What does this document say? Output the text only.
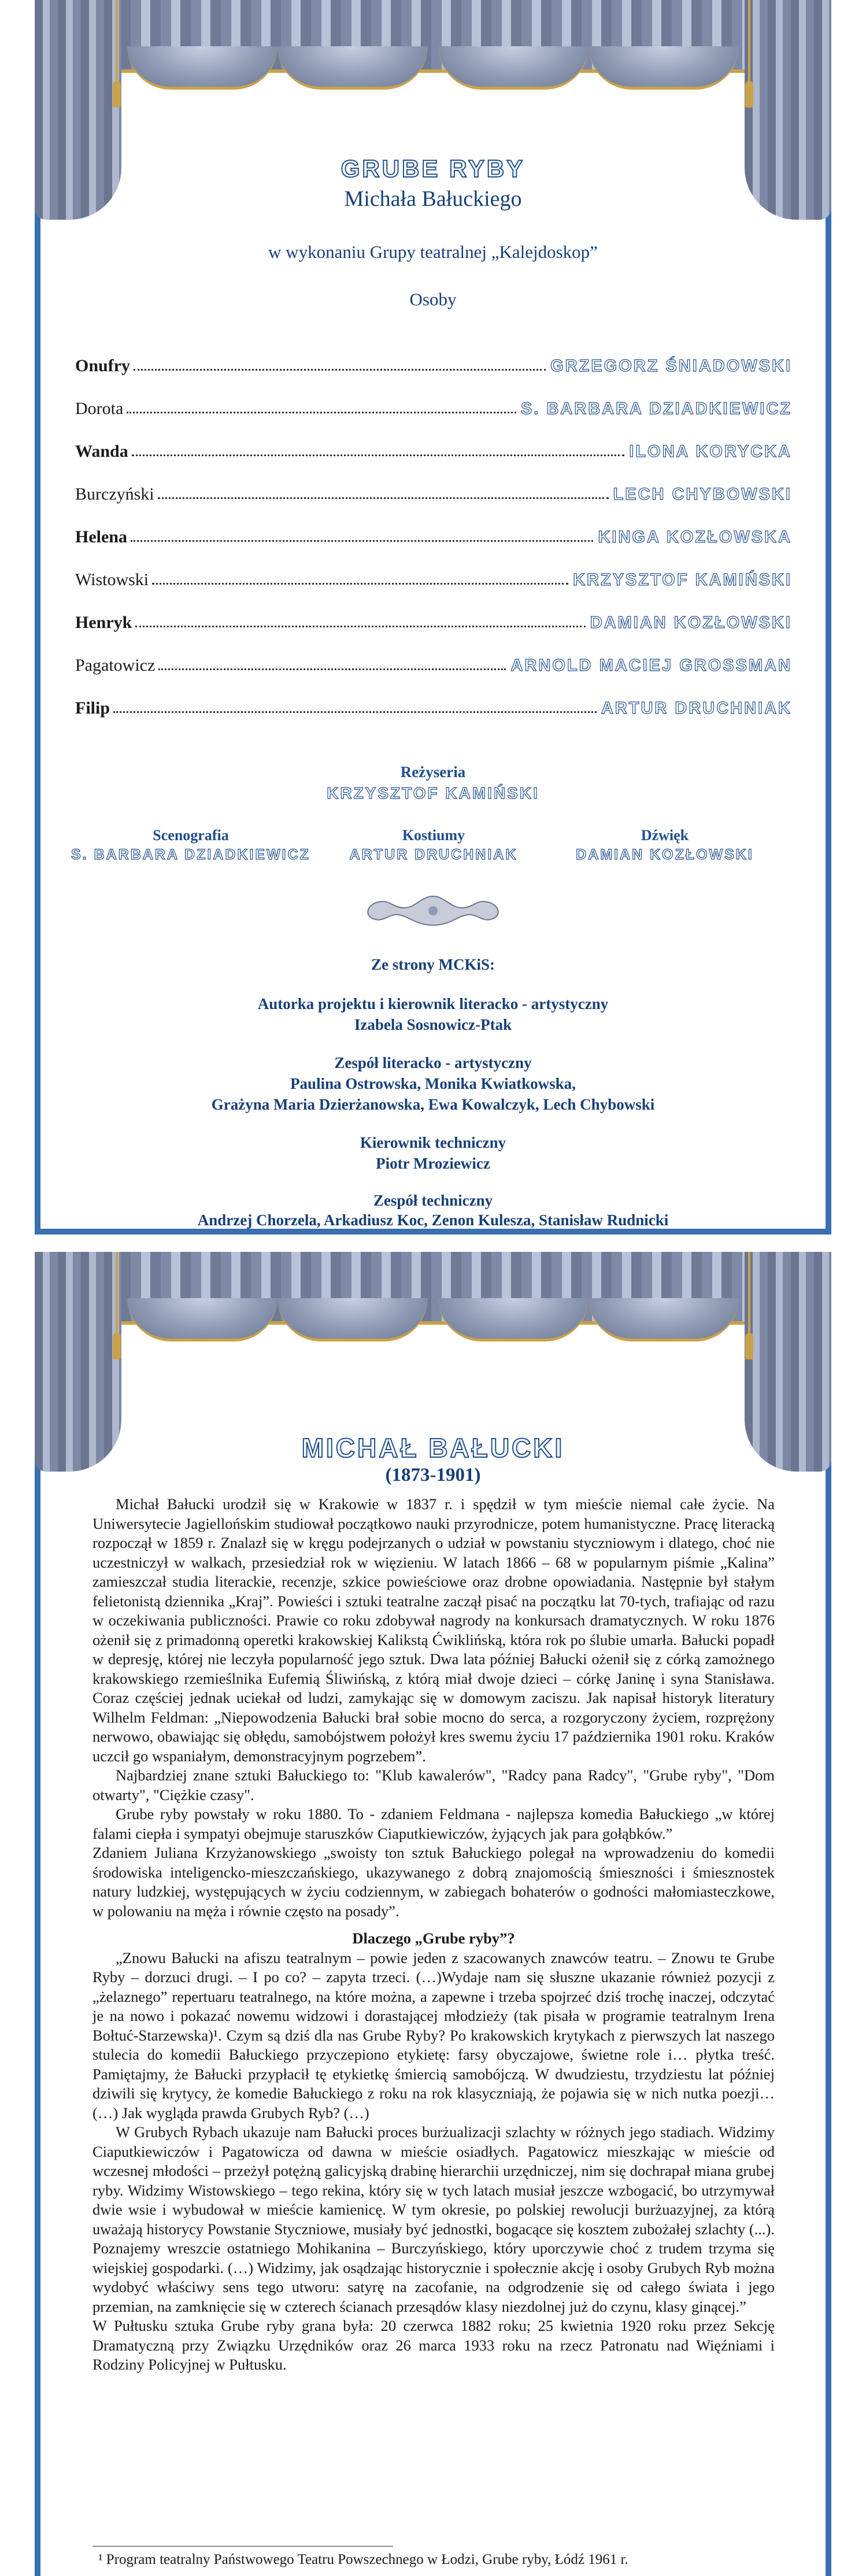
GRUBE RYBY
Michała Bałuckiego
w wykonaniu Grupy teatralnej „Kalejdoskop”
Osoby
Onufry	GRZEGORZ ŚNIADOWSKI
Dorota	S. BARBARA DZIADKIEWICZ
Wanda	ILONA KORYCKA
Burczyński	LECH CHYBOWSKI
Helena	KINGA KOZŁOWSKA
Wistowski	KRZYSZTOF KAMIŃSKI
Henryk	DAMIAN KOZŁOWSKI
Pagatowicz	ARNOLD MACIEJ GROSSMAN
Filip	ARTUR DRUCHNIAK
Reżyseria
KRZYSZTOF KAMIŃSKI
Scenografia
S. BARBARA DZIADKIEWICZ
Kostiumy
ARTUR DRUCHNIAK
Dźwięk
DAMIAN KOZŁOWSKI
Ze strony MCKiS:
Autorka projektu i kierownik literacko - artystyczny
Izabela Sosnowicz-Ptak
Zespół literacko - artystyczny
Paulina Ostrowska, Monika Kwiatkowska,
Grażyna Maria Dzierżanowska, Ewa Kowalczyk, Lech Chybowski
Kierownik techniczny
Piotr Mroziewicz
Zespół techniczny
Andrzej Chorzela, Arkadiusz Koc, Zenon Kulesza, Stanisław Rudnicki
MICHAŁ BAŁUCKI
(1873-1901)

Michał Bałucki urodził się w Krakowie w 1837 r. i spędził w tym mieście niemal całe życie. Na Uniwersytecie Jagiellońskim studiował początkowo nauki przyrodnicze, potem humanistyczne. Pracę literacką rozpoczął w 1859 r. Znalazł się w kręgu podejrzanych o udział w powstaniu styczniowym i dlatego, choć nie uczestniczył w walkach, przesiedział rok w więzieniu. W latach 1866 – 68 w popularnym piśmie „Kalina” zamieszczał studia literackie, recenzje, szkice powieściowe oraz drobne opowiadania. Następnie był stałym felietonistą dziennika „Kraj”. Powieści i sztuki teatralne zaczął pisać na początku lat 70-tych, trafiając od razu w oczekiwania publiczności. Prawie co roku zdobywał nagrody na konkursach dramatycznych. W roku 1876 ożenił się z primadonną operetki krakowskiej Kalikstą Ćwiklińską, która rok po ślubie umarła. Bałucki popadł w depresję, której nie leczyła popularność jego sztuk. Dwa lata później Bałucki ożenił się z córką zamożnego krakowskiego rzemieślnika Eufemią Śliwińską, z którą miał dwoje dzieci – córkę Janinę i syna Stanisława. Coraz częściej jednak uciekał od ludzi, zamykając się w domowym zaciszu. Jak napisał historyk literatury Wilhelm Feldman: „Niepowodzenia Bałucki brał sobie mocno do serca, a rozgoryczony życiem, rozprężony nerwowo, obawiając się obłędu, samobójstwem położył kres swemu życiu 17 października 1901 roku. Kraków uczcił go wspaniałym, demonstracyjnym pogrzebem”.

Najbardziej znane sztuki Bałuckiego to: "Klub kawalerów", "Radcy pana Radcy", "Grube ryby", "Dom otwarty", "Ciężkie czasy".

Grube ryby powstały w roku 1880. To - zdaniem Feldmana - najlepsza komedia Bałuckiego „w której falami ciepła i sympatyi obejmuje staruszków Ciaputkiewiczów, żyjących jak para gołąbków.”

Zdaniem Juliana Krzyżanowskiego „swoisty ton sztuk Bałuckiego polegał na wprowadzeniu do komedii środowiska inteligencko-mieszczańskiego, ukazywanego z dobrą znajomością śmieszności i śmiesznostek natury ludzkiej, występujących w życiu codziennym, w zabiegach bohaterów o godności małomiasteczkowe, w polowaniu na męża i równie często na posady”.

Dlaczego „Grube ryby”?

„Znowu Bałucki na afiszu teatralnym – powie jeden z szacowanych znawców teatru. – Znowu te Grube Ryby – dorzuci drugi. – I po co? – zapyta trzeci. (…)Wydaje nam się słuszne ukazanie również pozycji z „żelaznego” repertuaru teatralnego, na które można, a zapewne i trzeba spojrzeć dziś trochę inaczej, odczytać je na nowo i pokazać nowemu widzowi i dorastającej młodzieży (tak pisała w programie teatralnym Irena Bołtuć-Starzewska)¹. Czym są dziś dla nas Grube Ryby? Po krakowskich krytykach z pierwszych lat naszego stulecia do komedii Bałuckiego przyczepiono etykietę: farsy obyczajowe, świetne role i… płytka treść. Pamiętajmy, że Bałucki przypłacił tę etykietkę śmiercią samobójczą. W dwudziestu, trzydziestu lat później dziwili się krytycy, że komedie Bałuckiego z roku na rok klasyczniają, że pojawia się w nich nutka poezji… (…) Jak wygląda prawda Grubych Ryb? (…)

W Grubych Rybach ukazuje nam Bałucki proces burżualizacji szlachty w różnych jego stadiach. Widzimy Ciaputkiewiczów i Pagatowicza od dawna w mieście osiadłych. Pagatowicz mieszkając w mieście od wczesnej młodości – przeżył potężną galicyjską drabinę hierarchii urzędniczej, nim się dochrapał miana grubej ryby. Widzimy Wistowskiego – tego rekina, który się w tych latach musiał jeszcze wzbogacić, bo utrzymywał dwie wsie i wybudował w mieście kamienicę. W tym okresie, po polskiej rewolucji burżuazyjnej, za którą uważają historycy Powstanie Styczniowe, musiały być jednostki, bogacące się kosztem zubożałej szlachty (...). Poznajemy wreszcie ostatniego Mohikanina – Burczyńskiego, który uporczywie choć z trudem trzyma się wiejskiej gospodarki. (…) Widzimy, jak osądzając historycznie i społecznie akcję i osoby Grubych Ryb można wydobyć właściwy sens tego utworu: satyrę na zacofanie, na odgrodzenie się od całego świata i jego przemian, na zamknięcie się w czterech ścianach przesądów klasy niezdolnej już do czynu, klasy ginącej.”

W Pułtusku sztuka Grube ryby grana była: 20 czerwca 1882 roku; 25 kwietnia 1920 roku przez Sekcję Dramatyczną przy Związku Urzędników oraz 26 marca 1933 roku na rzecz Patronatu nad Więźniami i Rodziny Policyjnej w Pułtusku.

¹ Program teatralny Państwowego Teatru Powszechnego w Łodzi, Grube ryby, Łódź 1961 r.
